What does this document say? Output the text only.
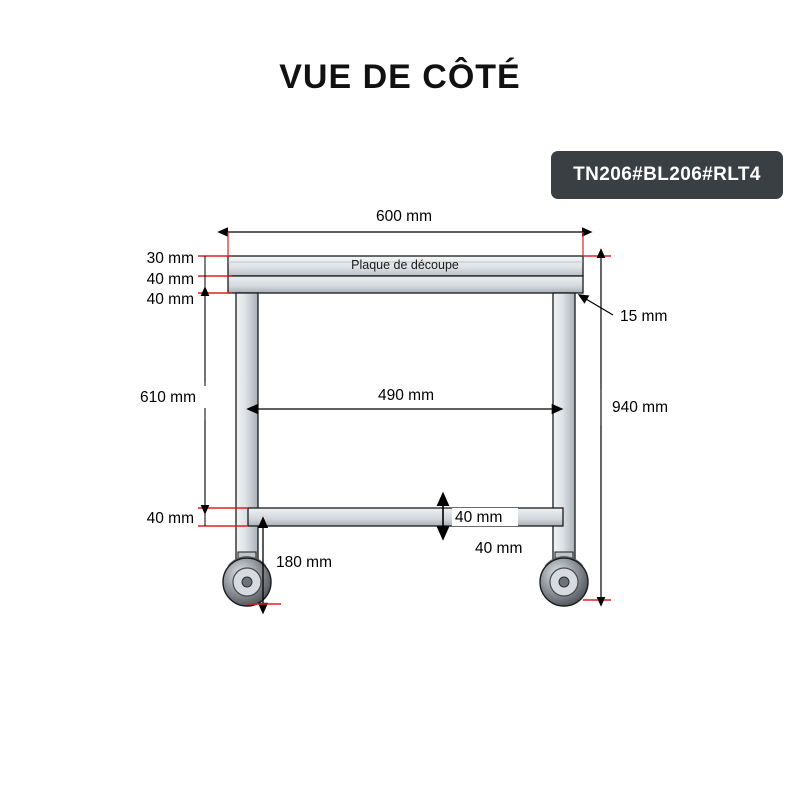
VUE DE CÔTÉ
TN206#BL206#RLT4
Plaque de découpe
600 mm
30 mm
40 mm
40 mm
610 mm
40 mm
490 mm
15 mm
940 mm
40 mm
40 mm
180 mm
